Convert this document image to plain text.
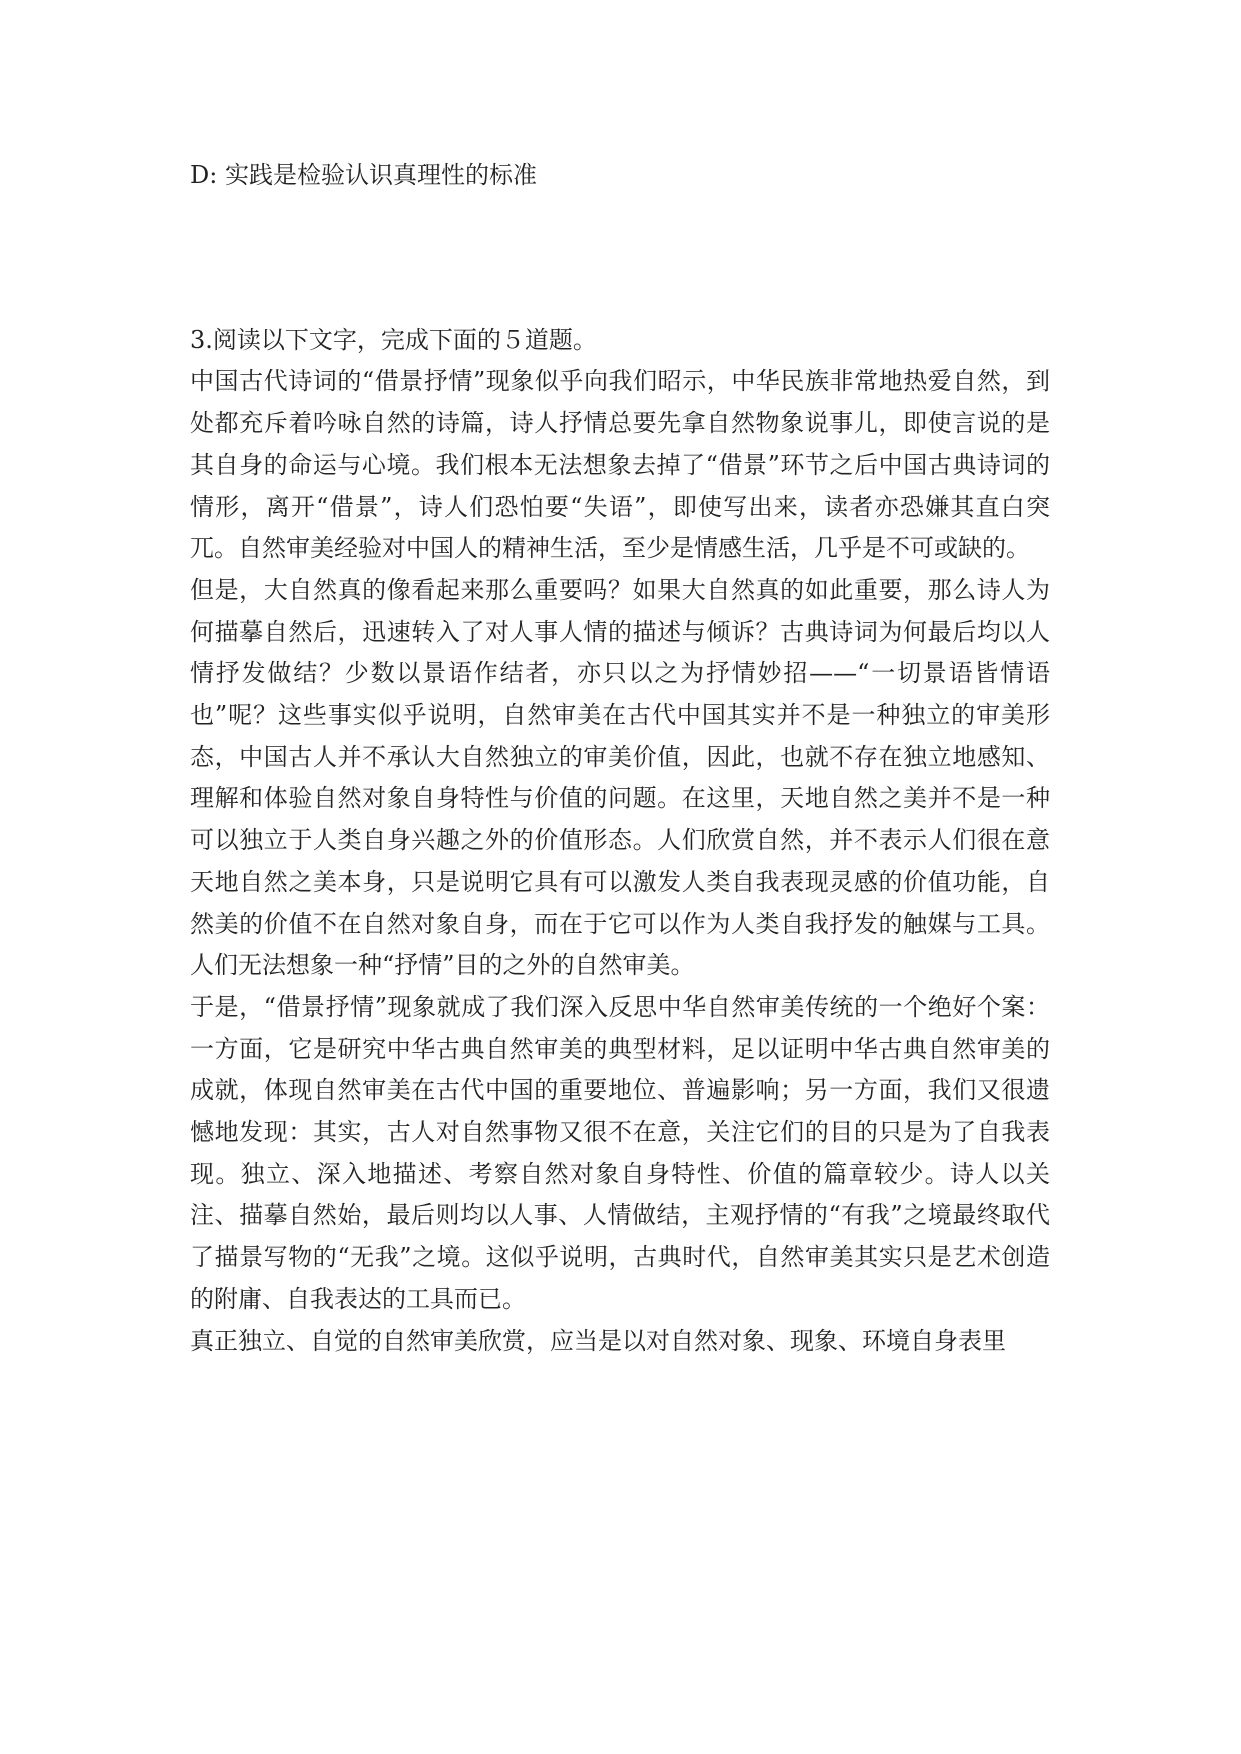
D: 实践是检验认识真理性的标准

3.阅读以下文字，完成下面的５道题。

中国古代诗词的“借景抒情”现象似乎向我们昭示，中华民族非常地热爱自然，到处都充斥着吟咏自然的诗篇，诗人抒情总要先拿自然物象说事儿，即使言说的是其自身的命运与心境。我们根本无法想象去掉了“借景”环节之后中国古典诗词的情形，离开“借景”，诗人们恐怕要“失语”，即使写出来，读者亦恐嫌其直白突兀。自然审美经验对中国人的精神生活，至少是情感生活，几乎是不可或缺的。

但是，大自然真的像看起来那么重要吗？如果大自然真的如此重要，那么诗人为何描摹自然后，迅速转入了对人事人情的描述与倾诉？古典诗词为何最后均以人情抒发做结？少数以景语作结者，亦只以之为抒情妙招——“一切景语皆情语也”呢？这些事实似乎说明，自然审美在古代中国其实并不是一种独立的审美形态，中国古人并不承认大自然独立的审美价值，因此，也就不存在独立地感知、理解和体验自然对象自身特性与价值的问题。在这里，天地自然之美并不是一种可以独立于人类自身兴趣之外的价值形态。人们欣赏自然，并不表示人们很在意天地自然之美本身，只是说明它具有可以激发人类自我表现灵感的价值功能，自然美的价值不在自然对象自身，而在于它可以作为人类自我抒发的触媒与工具。人们无法想象一种“抒情”目的之外的自然审美。

于是，“借景抒情”现象就成了我们深入反思中华自然审美传统的一个绝好个案：一方面，它是研究中华古典自然审美的典型材料，足以证明中华古典自然审美的成就，体现自然审美在古代中国的重要地位、普遍影响；另一方面，我们又很遗憾地发现：其实，古人对自然事物又很不在意，关注它们的目的只是为了自我表现。独立、深入地描述、考察自然对象自身特性、价值的篇章较少。诗人以关注、描摹自然始，最后则均以人事、人情做结，主观抒情的“有我”之境最终取代了描景写物的“无我”之境。这似乎说明，古典时代，自然审美其实只是艺术创造的附庸、自我表达的工具而已。

真正独立、自觉的自然审美欣赏，应当是以对自然对象、现象、环境自身表里
